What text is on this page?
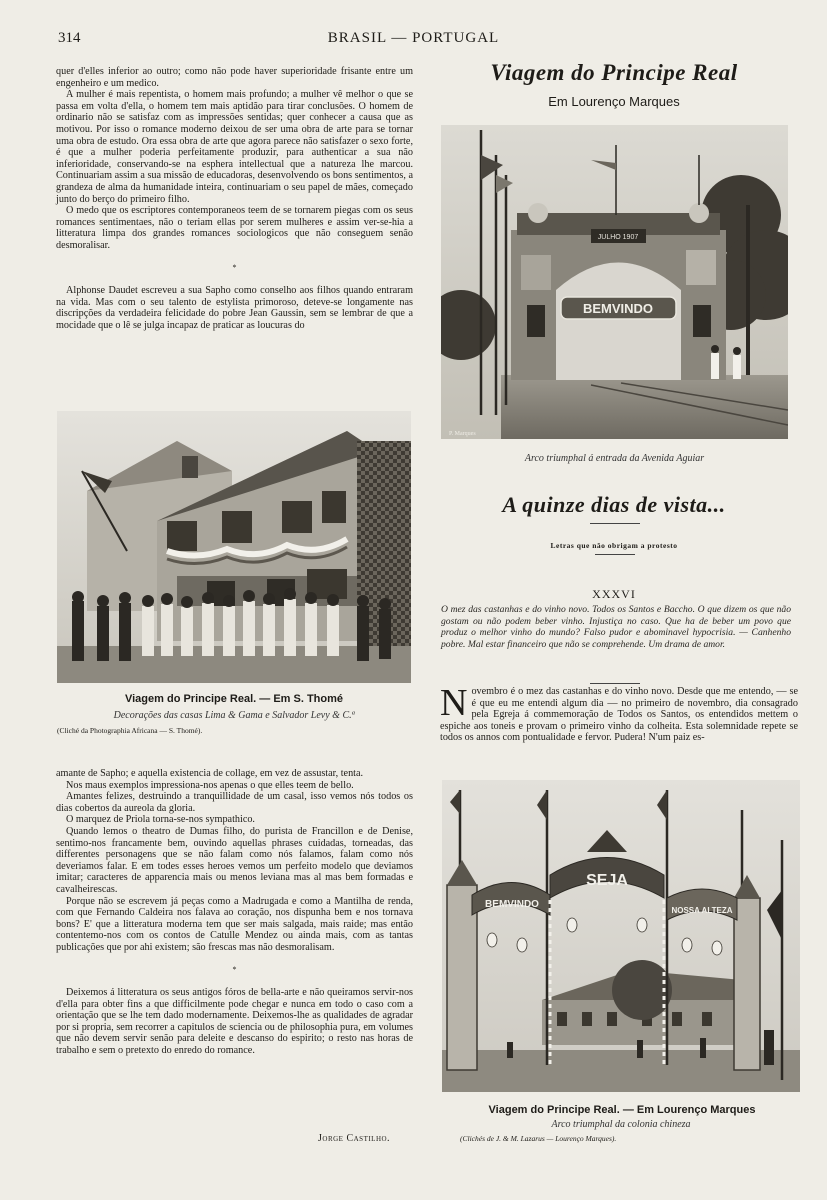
314	BRASIL — PORTUGAL

quer d'elles inferior ao outro; como não pode haver superioridade frisante entre um engenheiro e um medico.

A mulher é mais repentista, o homem mais profundo; a mulher vê melhor o que se passa em volta d'ella, o homem tem mais aptidão para tirar conclusões. O homem de ordinario não se satisfaz com as impressões sentidas; quer conhecer a causa que as motivou. Por isso o romance moderno deixou de ser uma obra de arte para se tornar uma obra de estudo. Ora essa obra de arte que agora parece não satisfazer o sexo forte, é que a mulher poderia perfeitamente produzir, para authenticar a sua não inferioridade, conservando-se na esphera intellectual que a natureza lhe marcou. Continuariam assim a sua missão de educadoras, desenvolvendo os bons sentimentos, a grandeza de alma da humanidade inteira, continuariam o seu papel de mães, começado junto do berço do primeiro filho.

O medo que os escriptores contemporaneos teem de se tornarem piegas com os seus romances sentimentaes, não o teriam ellas por serem mulheres e assim ver-se-hia a litteratura limpa dos grandes romances sociologicos que não conseguem senão desmoralisar.

*

Alphonse Daudet escreveu a sua Sapho como conselho aos filhos quando entraram na vida. Mas com o seu talento de estylista primoroso, deteve-se longamente nas discripções da verdadeira felicidade do pobre Jean Gaussin, sem se lembrar de que a mocidade que o lê se julga incapaz de praticar as loucuras do

Viagem do Principe Real. — Em S. Thomé
Decorações das casas Lima & Gama e Salvador Levy & C.ª
(Cliché da Photographia Africana — S. Thomé).

amante de Sapho; e aquella existencia de collage, em vez de assustar, tenta.

Nos maus exemplos impressiona-nos apenas o que elles teem de bello.

Amantes felizes, destruindo a tranquillidade de um casal, isso vemos nós todos os dias cobertos da aureola da gloria.

O marquez de Priola torna-se-nos sympathico.

Quando lemos o theatro de Dumas filho, do purista de Francillon e de Denise, sentimo-nos francamente bem, ouvindo aquellas phrases cuidadas, torneadas, das differentes personagens que se não falam como nós falamos, falam como nós deveriamos falar. E em todes esses heroes vemos um perfeito modelo que deviamos imitar; caracteres de apparencia mais ou menos leviana mas al mas bem formadas e cavalheirescas.

Porque não se escrevem já peças como a Madrugada e como a Mantilha de renda, com que Fernando Caldeira nos falava ao coração, nos dispunha bem e nos tornava bons? E' que a litteratura moderna tem que ser mais salgada, mais raide; mas então contentemo-nos com os contos de Catulle Mendez ou ainda mais, com as tantas publicações que por ahi existem; são frescas mas não desmoralisam.

*

Deixemos á litteratura os seus antigos fóros de bella-arte e não queiramos servir-nos d'ella para obter fins a que difficilmente pode chegar e nunca em todo o caso com a orientação que se lhe tem dado modernamente. Deixemos-lhe as qualidades de agradar por si propria, sem recorrer a capitulos de sciencia ou de philosophia pura, em volumes que não devem servir senão para deleite e descanso do espirito; o resto nas horas de trabalho e sem o pretexto do enredo do romance.

Jorge Castilho.
Viagem do Principe Real
Em Lourenço Marques
JULHO 1907
BEMVINDO
P. Marques
Arco triumphal á entrada da Avenida Aguiar
A quinze dias de vista...
Letras que não obrigam a protesto
XXXVI
O mez das castanhas e do vinho novo. Todos os Santos e Baccho. O que dizem os que não gostam ou não podem beber vinho. Injustiça no caso. Que ha de beber um povo que produz o melhor vinho do mundo? Falso pudor e abominavel hypocrisia. — Canhenho pobre. Mal estar financeiro que não se comprehende. Um drama de amor.
Novembro é o mez das castanhas e do vinho novo. Desde que me entendo, — se é que eu me entendi algum dia — no primeiro de novembro, dia consagrado pela Egreja á commemoração de Todos os Santos, os entendidos mettem o espiche aos toneis e provam o primeiro vinho da colheita. Esta solemnidade repete se todos os annos com pontualidade e fervor. Pudera! N'um paiz es-
BEMVINDO
SEJA
NOSSA ALTEZA
Viagem do Principe Real. — Em Lourenço Marques
Arco triumphal da colonia chineza
(Clichés de J. & M. Lazarus — Lourenço Marques).
